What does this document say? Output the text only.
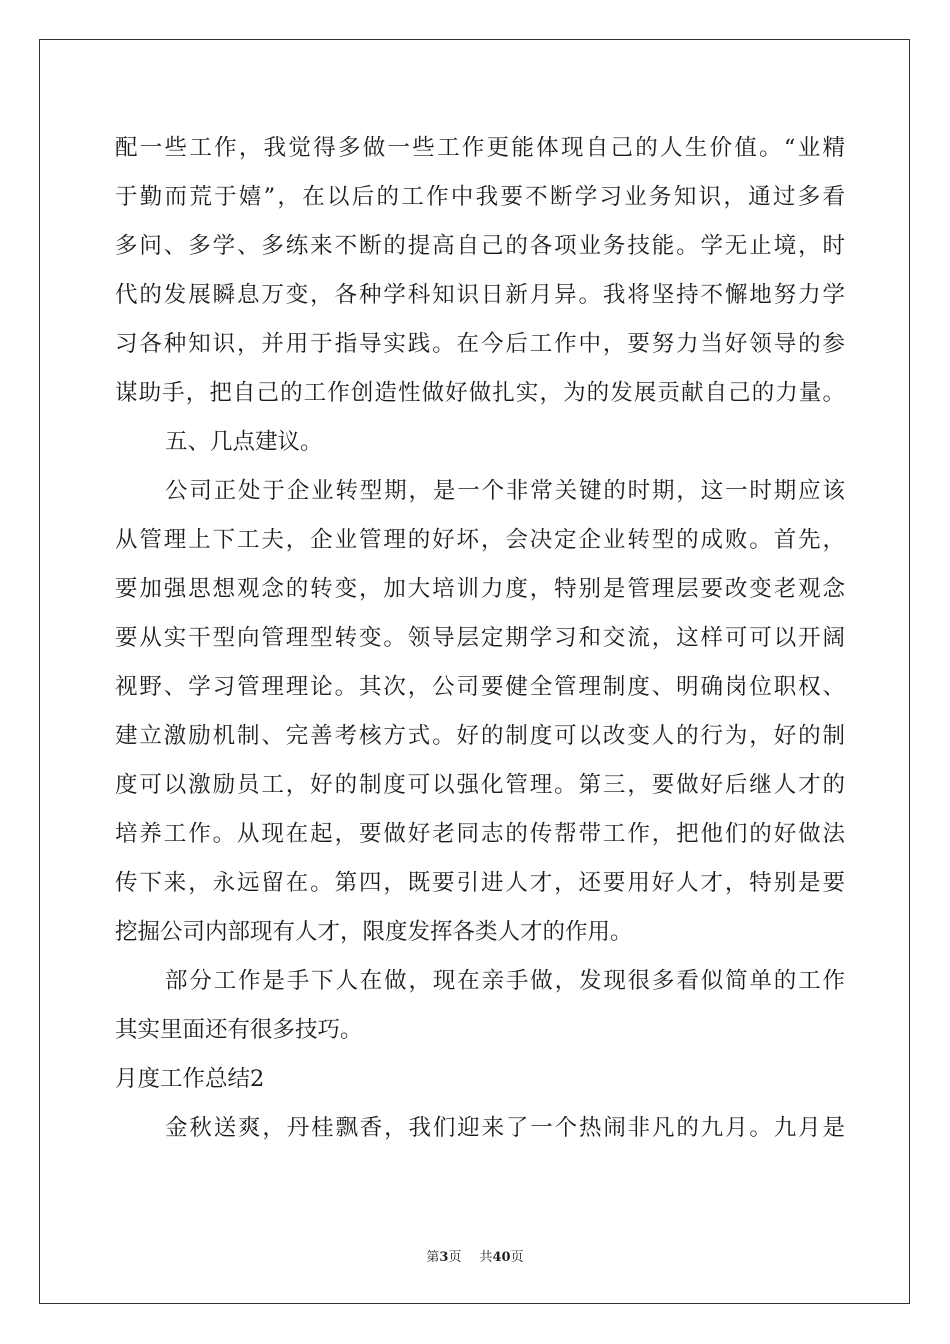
配一些工作，我觉得多做一些工作更能体现自己的人生价值。“业精
于勤而荒于嬉”，在以后的工作中我要不断学习业务知识，通过多看
多问、多学、多练来不断的提高自己的各项业务技能。学无止境，时
代的发展瞬息万变，各种学科知识日新月异。我将坚持不懈地努力学
习各种知识，并用于指导实践。在今后工作中，要努力当好领导的参
谋助手，把自己的工作创造性做好做扎实，为的发展贡献自己的力量。
五、几点建议。
公司正处于企业转型期，是一个非常关键的时期，这一时期应该
从管理上下工夫，企业管理的好坏，会决定企业转型的成败。首先，
要加强思想观念的转变，加大培训力度，特别是管理层要改变老观念
要从实干型向管理型转变。领导层定期学习和交流，这样可可以开阔
视野、学习管理理论。其次，公司要健全管理制度、明确岗位职权、
建立激励机制、完善考核方式。好的制度可以改变人的行为，好的制
度可以激励员工，好的制度可以强化管理。第三，要做好后继人才的
培养工作。从现在起，要做好老同志的传帮带工作，把他们的好做法
传下来，永远留在。第四，既要引进人才，还要用好人才，特别是要
挖掘公司内部现有人才，限度发挥各类人才的作用。
部分工作是手下人在做，现在亲手做，发现很多看似简单的工作
其实里面还有很多技巧。
月度工作总结2
金秋送爽，丹桂飘香，我们迎来了一个热闹非凡的九月。九月是
第3页 共40页
